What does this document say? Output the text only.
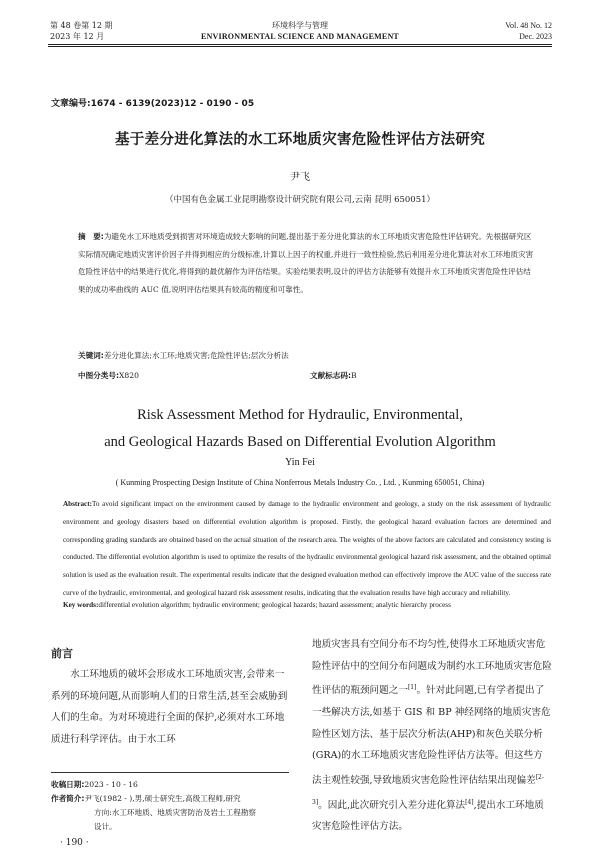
第 48 卷第 12 期
2023 年 12 月
环境科学与管理
ENVIRONMENTAL SCIENCE AND MANAGEMENT
Vol. 48 No. 12
Dec. 2023
文章编号:1674 - 6139(2023)12 - 0190 - 05
基于差分进化算法的水工环地质灾害危险性评估方法研究
尹飞
（中国有色金属工业昆明勘察设计研究院有限公司,云南 昆明 650051）
摘　要:为避免水工环地质受到损害对环境造成较大影响的问题,提出基于差分进化算法的水工环地质灾害危险性评估研究。先根据研究区实际情况确定地质灾害评价因子并得到相应的分级标准,计算以上因子的权重,并进行一致性检验,然后利用差分进化算法对水工环地质灾害危险性评估中的结果进行优化,将得到的最优解作为评估结果。实验结果表明,设计的评估方法能够有效提升水工环地质灾害危险性评估结果的成功率曲线的 AUC 值,说明评估结果具有较高的精度和可靠性。
关键词:差分进化算法;水工环;地质灾害;危险性评估;层次分析法
中图分类号:X820	文献标志码:B
Risk Assessment Method for Hydraulic, Environmental,
and Geological Hazards Based on Differential Evolution Algorithm
Yin Fei
( Kunming Prospecting Design Institute of China Nonferrous Metals Industry Co. , Ltd. , Kunming 650051, China)
Abstract:To avoid significant impact on the environment caused by damage to the hydraulic environment and geology, a study on the risk assessment of hydraulic environment and geology disasters based on differential evolution algorithm is proposed. Firstly, the geological hazard evaluation factors are determined and corresponding grading standards are obtained based on the actual situation of the research area. The weights of the above factors are calculated and consistency testing is conducted. The differential evolution algorithm is used to optimize the results of the hydraulic environmental geological hazard risk assessment, and the obtained optimal solution is used as the evaluation result. The experimental results indicate that the designed evaluation method can effectively improve the AUC value of the success rate curve of the hydraulic, environmental, and geological hazard risk assessment results, indicating that the evaluation results have high accuracy and reliability.
Key words:differential evolution algorithm; hydraulic environment; geological hazards; hazard assessment; analytic hierarchy process
前言

水工环地质的破坏会形成水工环地质灾害,会带来一系列的环境问题,从而影响人们的日常生活,甚至会威胁到人们的生命。为对环境进行全面的保护,必须对水工环地质进行科学评估。由于水工环

地质灾害具有空间分布不均匀性,使得水工环地质灾害危险性评估中的空间分布问题成为制约水工环地质灾害危险性评估的瓶颈问题之一[1]。针对此问题,已有学者提出了一些解决方法,如基于 GIS 和 BP 神经网络的地质灾害危险性区划方法、基于层次分析法(AHP)和灰色关联分析(GRA)的水工环地质灾害危险性评估方法等。但这些方法主观性较强,导致地质灾害危险性评估结果出现偏差[2-3]。因此,此次研究引入差分进化算法[4],提出水工环地质灾害危险性评估方法。

收稿日期:2023 - 10 - 16
作者简介:尹飞(1982 - ),男,硕士研究生,高级工程师,研究
方向:水工环地质、地质灾害防治及岩土工程勘察
设计。
· 190 ·
